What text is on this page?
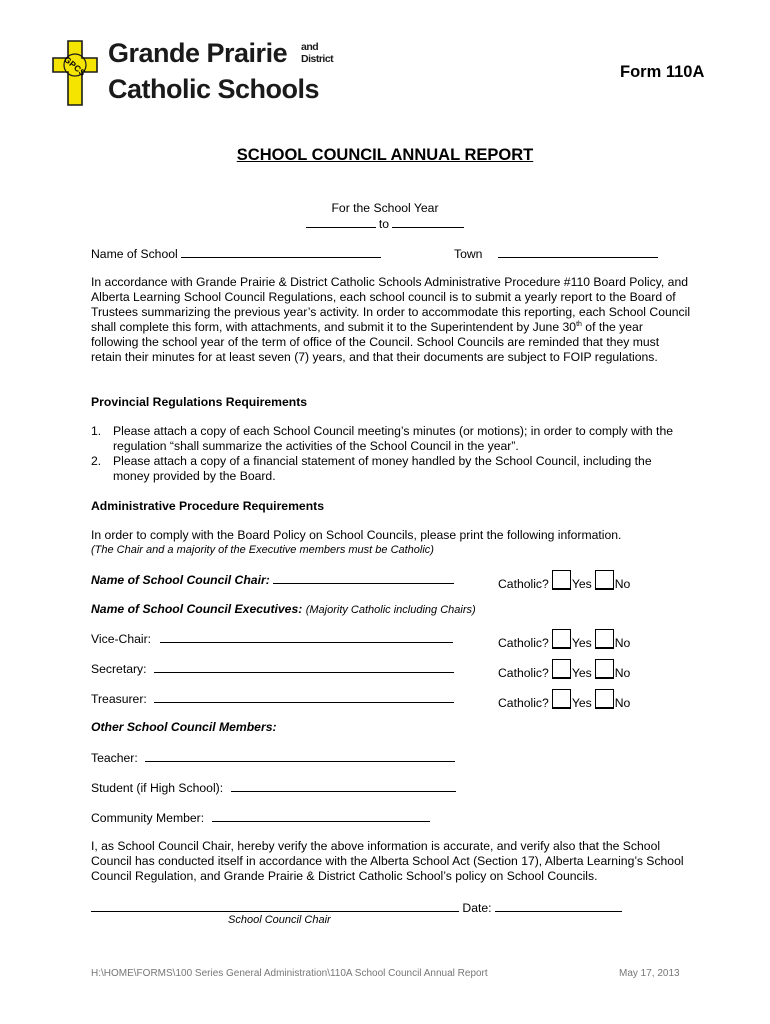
GPCS Grande Prairie and
District
Catholic Schools
Form 110A
SCHOOL COUNCIL ANNUAL REPORT
For the School Year
to
Name of School	Town
In accordance with Grande Prairie & District Catholic Schools Administrative Procedure #110 Board Policy, and Alberta Learning School Council Regulations, each school council is to submit a yearly report to the Board of Trustees summarizing the previous year’s activity. In order to accommodate this reporting, each School Council shall complete this form, with attachments, and submit it to the Superintendent by June 30th of the year following the school year of the term of office of the Council. School Councils are reminded that they must retain their minutes for at least seven (7) years, and that their documents are subject to FOIP regulations.
Provincial Regulations Requirements
1. Please attach a copy of each School Council meeting’s minutes (or motions); in order to comply with the regulation “shall summarize the activities of the School Council in the year”.
2. Please attach a copy of a financial statement of money handled by the School Council, including the money provided by the Board.
Administrative Procedure Requirements
In order to comply with the Board Policy on School Councils, please print the following information.
(The Chair and a majority of the Executive members must be Catholic)
Name of School Council Chair:	Catholic? Yes No
Name of School Council Executives: (Majority Catholic including Chairs)
Vice-Chair:	Catholic? Yes No
Secretary:	Catholic? Yes No
Treasurer:	Catholic? Yes No
Other School Council Members:
Teacher:
Student (if High School):
Community Member:
I, as School Council Chair, hereby verify the above information is accurate, and verify also that the School Council has conducted itself in accordance with the Alberta School Act (Section 17), Alberta Learning’s School Council Regulation, and Grande Prairie & District Catholic School’s policy on School Councils.
Date:
School Council Chair
H:\HOME\FORMS\100 Series General Administration\110A School Council Annual Report	May 17, 2013
